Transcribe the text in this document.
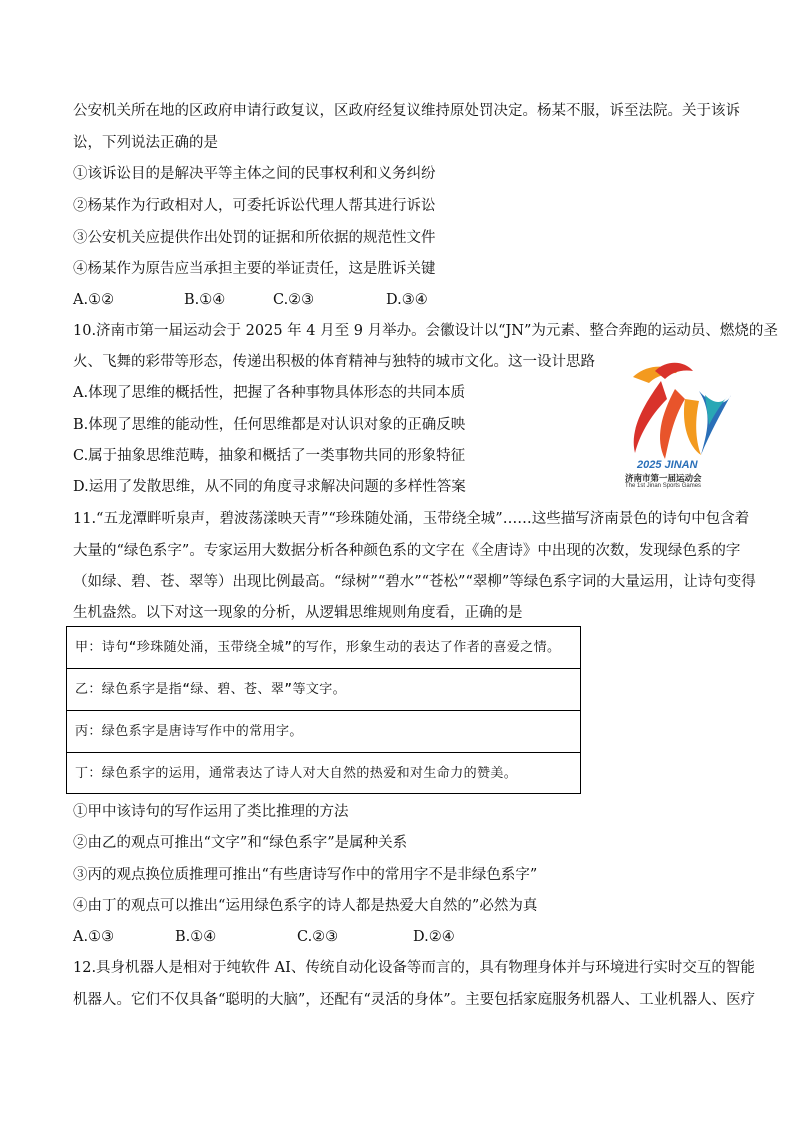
公安机关所在地的区政府申请行政复议，区政府经复议维持原处罚决定。杨某不服，诉至法院。关于该诉
讼，下列说法正确的是
①该诉讼目的是解决平等主体之间的民事权利和义务纠纷
②杨某作为行政相对人，可委托诉讼代理人帮其进行诉讼
③公安机关应提供作出处罚的证据和所依据的规范性文件
④杨某作为原告应当承担主要的举证责任，这是胜诉关键
A.①②	B.①④	C.②③	D.③④
10.济南市第一届运动会于 2025 年 4 月至 9 月举办。会徽设计以“JN”为元素、整合奔跑的运动员、燃烧的圣
火、飞舞的彩带等形态，传递出积极的体育精神与独特的城市文化。这一设计思路
A.体现了思维的概括性，把握了各种事物具体形态的共同本质
B.体现了思维的能动性，任何思维都是对认识对象的正确反映
C.属于抽象思维范畴，抽象和概括了一类事物共同的形象特征
D.运用了发散思维，从不同的角度寻求解决问题的多样性答案
2025 JINAN
济南市第一届运动会
The 1st Jinan Sports Games
11.“五龙潭畔听泉声，碧波荡漾映天青”“珍珠随处涌，玉带绕全城”……这些描写济南景色的诗句中包含着
大量的“绿色系字”。专家运用大数据分析各种颜色系的文字在《全唐诗》中出现的次数，发现绿色系的字
（如绿、碧、苍、翠等）出现比例最高。“绿树”“碧水”“苍松”“翠柳”等绿色系字词的大量运用，让诗句变得
生机盎然。以下对这一现象的分析，从逻辑思维规则角度看，正确的是
甲：诗句“珍珠随处涌，玉带绕全城”的写作，形象生动的表达了作者的喜爱之情。
乙：绿色系字是指“绿、碧、苍、翠”等文字。
丙：绿色系字是唐诗写作中的常用字。
丁：绿色系字的运用，通常表达了诗人对大自然的热爱和对生命力的赞美。
①甲中该诗句的写作运用了类比推理的方法
②由乙的观点可推出“文字”和“绿色系字”是属种关系
③丙的观点换位质推理可推出“有些唐诗写作中的常用字不是非绿色系字”
④由丁的观点可以推出“运用绿色系字的诗人都是热爱大自然的”必然为真
A.①③	B.①④	C.②③	D.②④
12.具身机器人是相对于纯软件 AI、传统自动化设备等而言的，具有物理身体并与环境进行实时交互的智能
机器人。它们不仅具备“聪明的大脑”，还配有“灵活的身体”。主要包括家庭服务机器人、工业机器人、医疗
